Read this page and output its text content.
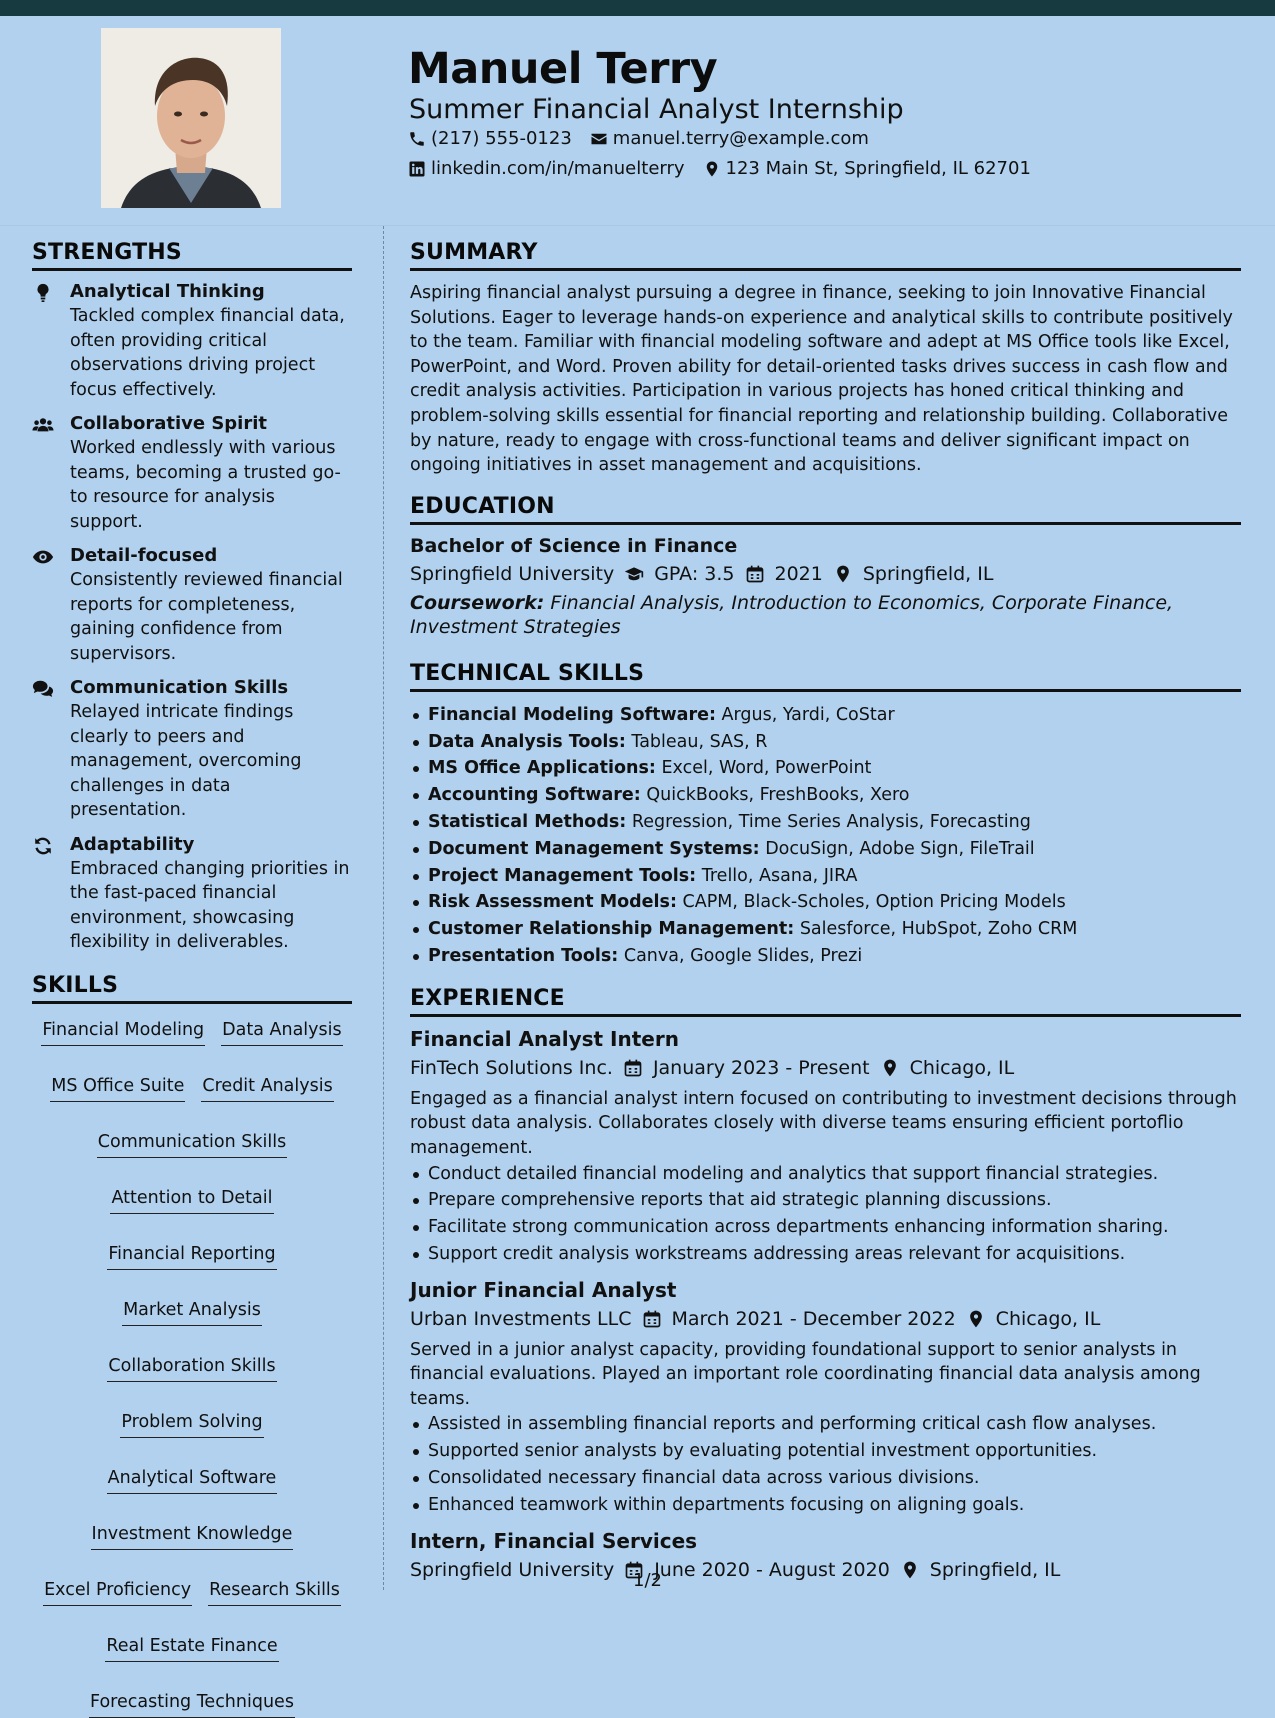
Manuel Terry
Summer Financial Analyst Internship
(217) 555-0123 manuel.terry@example.com
linkedin.com/in/manuelterry 123 Main St, Springfield, IL 62701
STRENGTHS
Analytical Thinking
Tackled complex financial data, often providing critical observations driving project focus effectively.
Collaborative Spirit
Worked endlessly with various teams, becoming a trusted go-to resource for analysis support.
Detail-focused
Consistently reviewed financial reports for completeness, gaining confidence from supervisors.
Communication Skills
Relayed intricate findings clearly to peers and management, overcoming challenges in data presentation.
Adaptability
Embraced changing priorities in the fast-paced financial environment, showcasing flexibility in deliverables.
SKILLS
Financial Modeling Data Analysis
MS Office Suite Credit Analysis
Communication Skills
Attention to Detail
Financial Reporting
Market Analysis
Collaboration Skills
Problem Solving
Analytical Software
Investment Knowledge
Excel Proficiency Research Skills
Real Estate Finance
Forecasting Techniques
SUMMARY
Aspiring financial analyst pursuing a degree in finance, seeking to join Innovative Financial Solutions. Eager to leverage hands-on experience and analytical skills to contribute positively to the team. Familiar with financial modeling software and adept at MS Office tools like Excel, PowerPoint, and Word. Proven ability for detail-oriented tasks drives success in cash flow and credit analysis activities. Participation in various projects has honed critical thinking and problem-solving skills essential for financial reporting and relationship building. Collaborative by nature, ready to engage with cross-functional teams and deliver significant impact on ongoing initiatives in asset management and acquisitions.
EDUCATION
Bachelor of Science in Finance
Springfield University GPA: 3.5 2021 Springfield, IL
Coursework: Financial Analysis, Introduction to Economics, Corporate Finance, Investment Strategies
TECHNICAL SKILLS
Financial Modeling Software: Argus, Yardi, CoStar
Data Analysis Tools: Tableau, SAS, R
MS Office Applications: Excel, Word, PowerPoint
Accounting Software: QuickBooks, FreshBooks, Xero
Statistical Methods: Regression, Time Series Analysis, Forecasting
Document Management Systems: DocuSign, Adobe Sign, FileTrail
Project Management Tools: Trello, Asana, JIRA
Risk Assessment Models: CAPM, Black-Scholes, Option Pricing Models
Customer Relationship Management: Salesforce, HubSpot, Zoho CRM
Presentation Tools: Canva, Google Slides, Prezi
EXPERIENCE
Financial Analyst Intern
FinTech Solutions Inc. January 2023 - Present Chicago, IL
Engaged as a financial analyst intern focused on contributing to investment decisions through robust data analysis. Collaborates closely with diverse teams ensuring efficient portoflio management.
Conduct detailed financial modeling and analytics that support financial strategies.
Prepare comprehensive reports that aid strategic planning discussions.
Facilitate strong communication across departments enhancing information sharing.
Support credit analysis workstreams addressing areas relevant for acquisitions.
Junior Financial Analyst
Urban Investments LLC March 2021 - December 2022 Chicago, IL
Served in a junior analyst capacity, providing foundational support to senior analysts in financial evaluations. Played an important role coordinating financial data analysis among teams.
Assisted in assembling financial reports and performing critical cash flow analyses.
Supported senior analysts by evaluating potential investment opportunities.
Consolidated necessary financial data across various divisions.
Enhanced teamwork within departments focusing on aligning goals.
Intern, Financial Services
Springfield University June 2020 - August 2020 Springfield, IL
1/2
